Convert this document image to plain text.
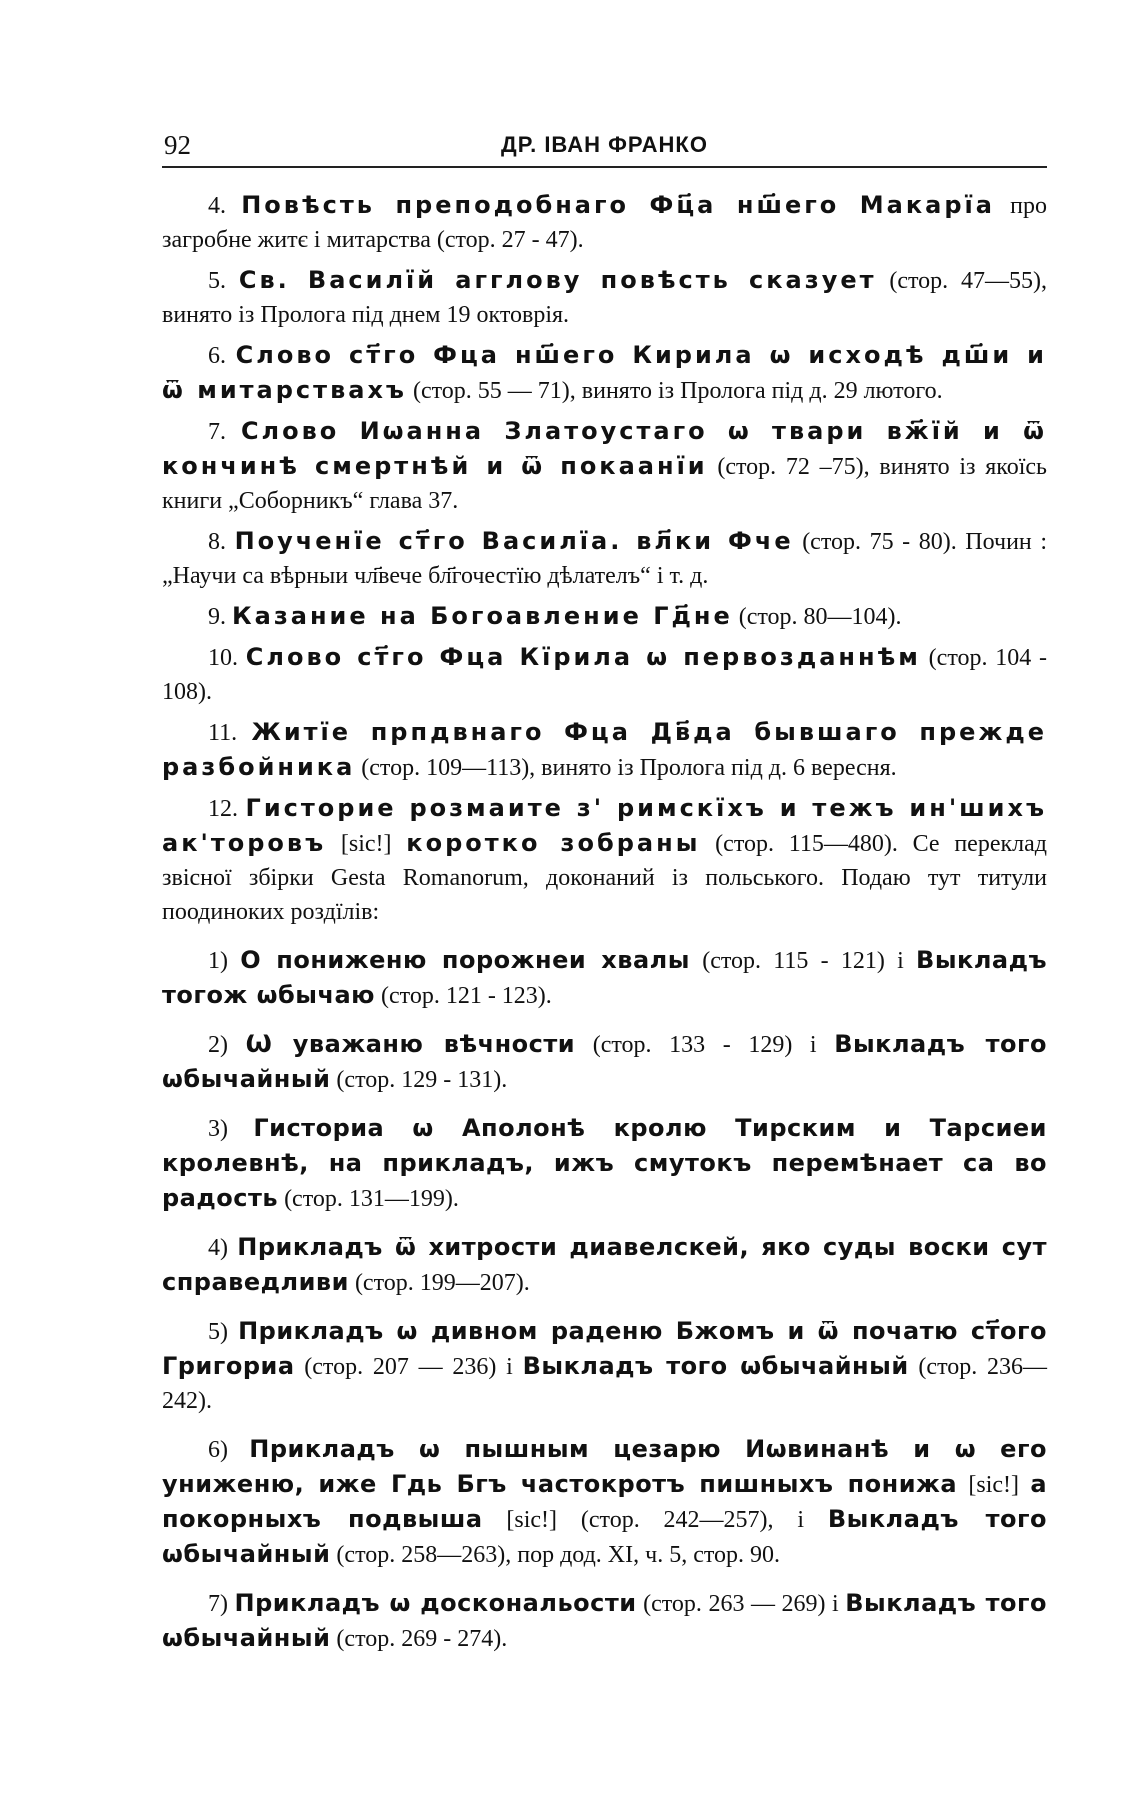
92	ДР. ІВАН ФРАНКО

4. Повѣсть преподобнаго Фц҃а нш҃его Макарїа про загробне житє і митарства (стор. 27 - 47).

5. Св. Василїй агглову повѣсть сказует (стор. 47—55), винято із Пролога під днем 19 октоврія.

6. Слово ст҃го Фца нш҃его Кирила ѡ исходѣ дш҃и и ѿ митарствахъ (стор. 55 — 71), винято із Пролога під д. 29 лютого.

7. Слово Иѡанна Златоустаго ѡ твари вж҃їй и ѿ кончинѣ смертнѣй и ѿ покаанїи (стор. 72 –75), винято із якоїсь книги „Соборникъ“ глава 37.

8. Поученїе ст҃го Василїа. вл҃ки Фче (стор. 75 - 80). Почин : „Научи са вѣрныи чл҃вече бл҃гочестїю дѣлателъ“ і т. д.

9. Казание на Богоавление Гд҃не (стор. 80—104).

10. Слово ст҃го Фца Кїрила ѡ первозданнѣм (стор. 104 - 108).

11. Житїе прпдвнаго Фца Дв҃да бывшаго прежде разбойника (стор. 109—113), винято із Пролога під д. 6 вересня.

12. Гисторие розмаите з' римскїхъ и тежъ ин'шихъ ак'торовъ [sic!] коротко зобраны (стор. 115—480). Се переклад звісної збірки Gesta Romanorum, доконаний із польського. Подаю тут титули поодиноких роздїлів:

1) О пониженю порожнеи хвалы (стор. 115 - 121) і Выкладъ тогож ѡбычаю (стор. 121 - 123).

2) Ѡ уважаню вѣчности (стор. 133 - 129) і Выкладъ того ѡбычайный (стор. 129 - 131).

3) Гисториа ѡ Аполонѣ кролю Тирским и Тарсиеи кролевнѣ, на прикладъ, ижъ смутокъ перемѣнает са во радость (стор. 131—199).

4) Прикладъ ѿ хитрости диавелскей, яко суды воски сут справедливи (стор. 199—207).

5) Прикладъ ѡ дивном раденю Бжомъ и ѿ початю ст҃ого Григориа (стор. 207 — 236) і Выкладъ того ѡбычайный (стор. 236—242).

6) Прикладъ ѡ пышным цезарю Иѡвинанѣ и ѡ его униженю, иже Гдь Бгъ частокротъ пишныхъ понижа [sic!] а покорныхъ подвыша [sic!] (стор. 242—257), і Выкладъ того ѡбычайный (стор. 258—263), пор дод. XI, ч. 5, стор. 90.

7) Прикладъ ѡ доскональости (стор. 263 — 269) і Выкладъ того ѡбычайный (стор. 269 - 274).
